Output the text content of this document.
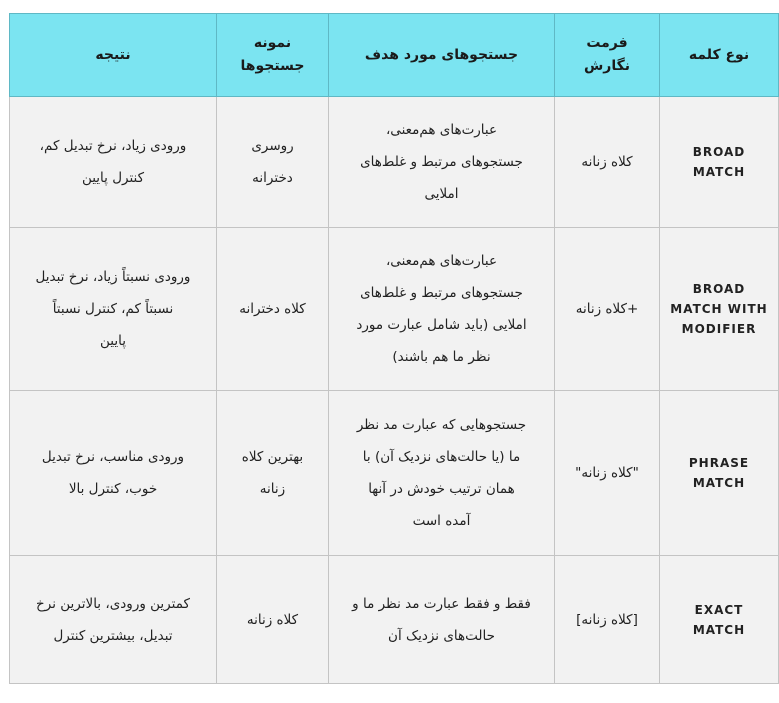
نوع کلمه	فرمت
نگارش	جستجوهای مورد هدف	نمونه
جستجوها	نتیجه
BROAD
MATCH	کلاه زنانه	عبارت‌های هم‌معنی،
جستجوهای مرتبط و غلط‌های
املایی	روسری
دخترانه	ورودی زیاد، نرخ تبدیل کم،
کنترل پایین
BROAD
MATCH WITH
MODIFIER	+کلاه زنانه	عبارت‌های هم‌معنی،
جستجوهای مرتبط و غلط‌های
املایی (باید شامل عبارت مورد
نظر ما هم باشند)	کلاه دخترانه	ورودی نسبتاً زیاد، نرخ تبدیل
نسبتاً کم، کنترل نسبتاً
پایین
PHRASE
MATCH	"کلاه زنانه"	جستجوهایی که عبارت مد نظر
ما (یا حالت‌های نزدیک آن) با
همان ترتیب خودش در آنها
آمده است	بهترین کلاه
زنانه	ورودی مناسب، نرخ تبدیل
خوب، کنترل بالا
EXACT
MATCH	[کلاه زنانه]	فقط و فقط عبارت مد نظر ما و
حالت‌های نزدیک آن	کلاه زنانه	کمترین ورودی، بالاترین نرخ
تبدیل، بیشترین کنترل
